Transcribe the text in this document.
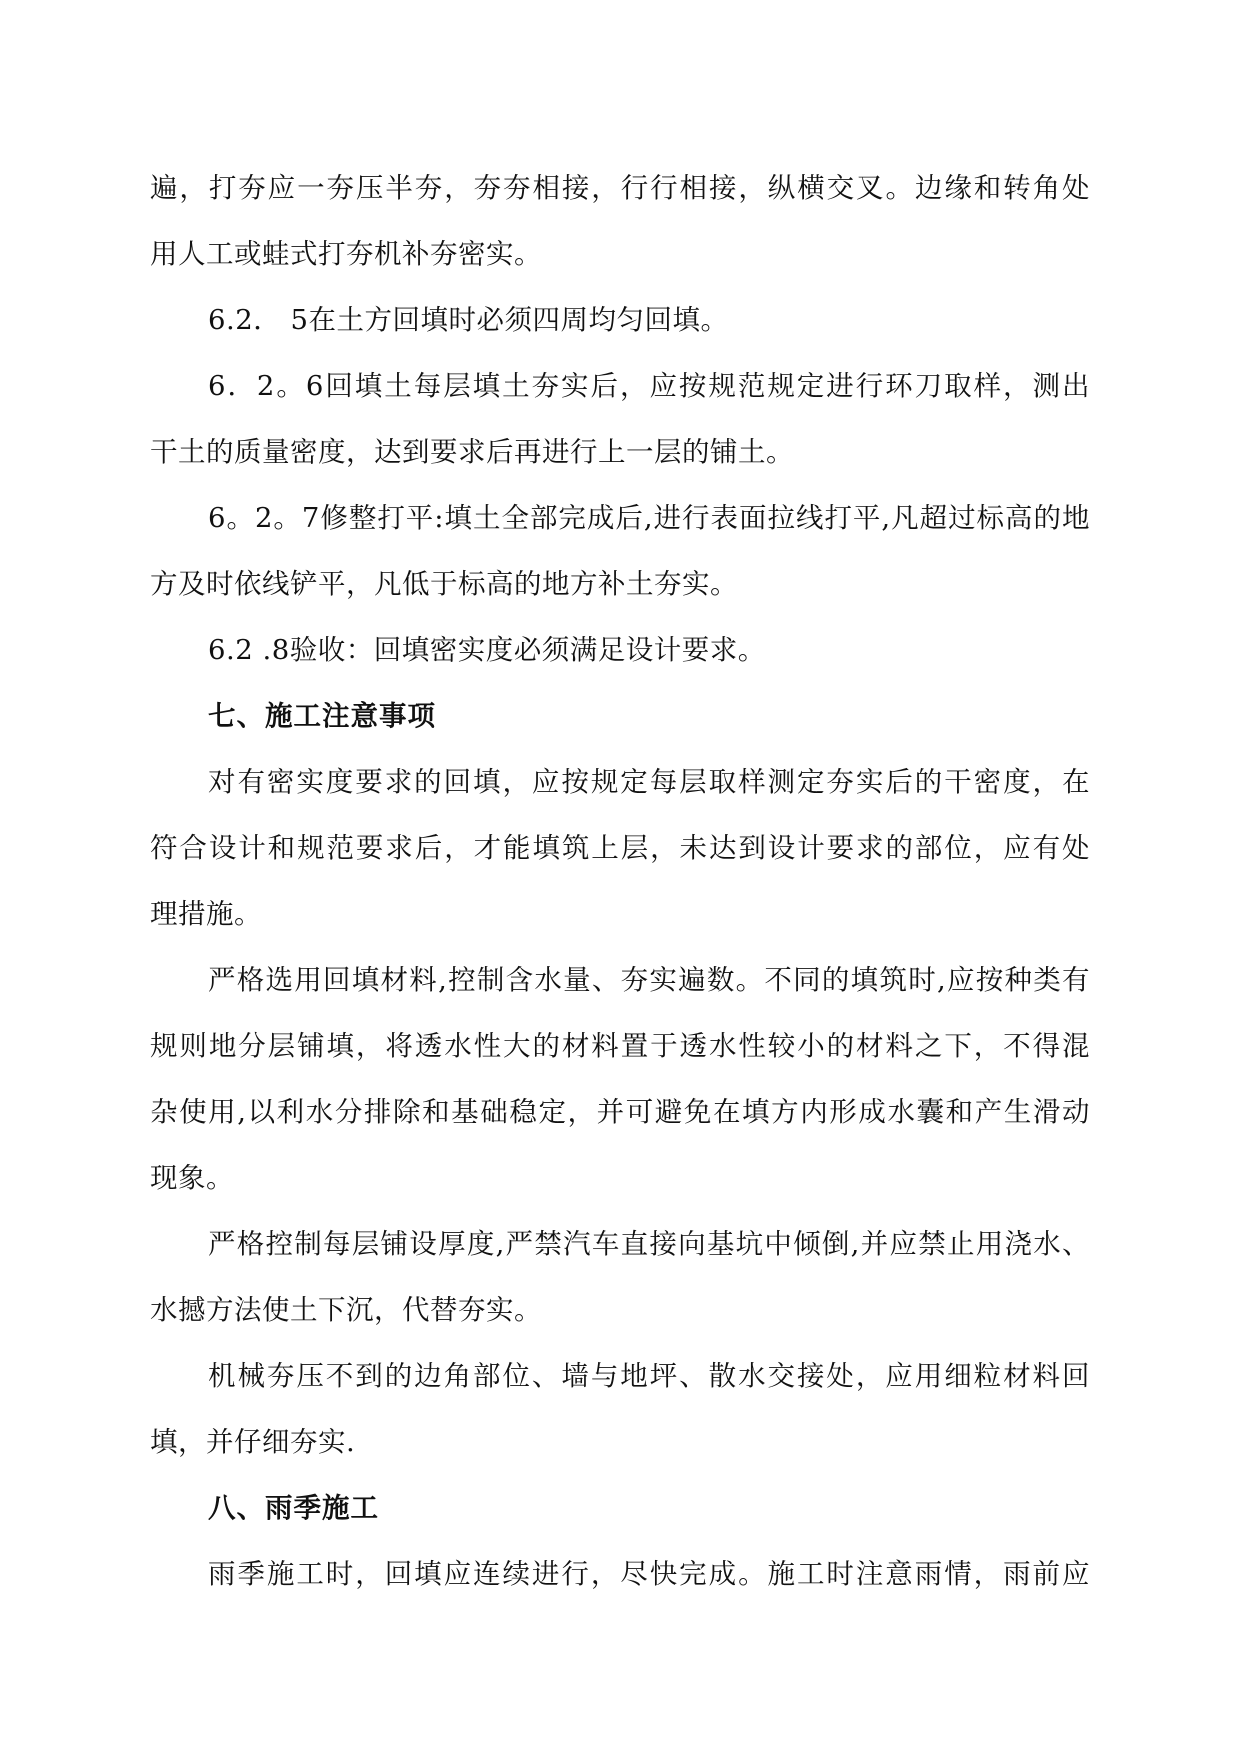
遍，打夯应一夯压半夯，夯夯相接，行行相接，纵横交叉。边缘和转角处
用人工或蛙式打夯机补夯密实。
6.2． 5在土方回填时必须四周均匀回填。
6．2。6回填土每层填土夯实后，应按规范规定进行环刀取样，测出
干土的质量密度，达到要求后再进行上一层的铺土。
6。2。7修整打平:填土全部完成后,进行表面拉线打平,凡超过标高的地
方及时依线铲平，凡低于标高的地方补土夯实。
6.2 .8验收：回填密实度必须满足设计要求。
七、施工注意事项
对有密实度要求的回填，应按规定每层取样测定夯实后的干密度，在
符合设计和规范要求后，才能填筑上层，未达到设计要求的部位，应有处
理措施。
严格选用回填材料,控制含水量、夯实遍数。不同的填筑时,应按种类有
规则地分层铺填，将透水性大的材料置于透水性较小的材料之下，不得混
杂使用,以利水分排除和基础稳定，并可避免在填方内形成水囊和产生滑动
现象。
严格控制每层铺设厚度,严禁汽车直接向基坑中倾倒,并应禁止用浇水、
水撼方法使土下沉，代替夯实。
机械夯压不到的边角部位、墙与地坪、散水交接处，应用细粒材料回
填，并仔细夯实.
八、雨季施工
雨季施工时，回填应连续进行，尽快完成。施工时注意雨情，雨前应
